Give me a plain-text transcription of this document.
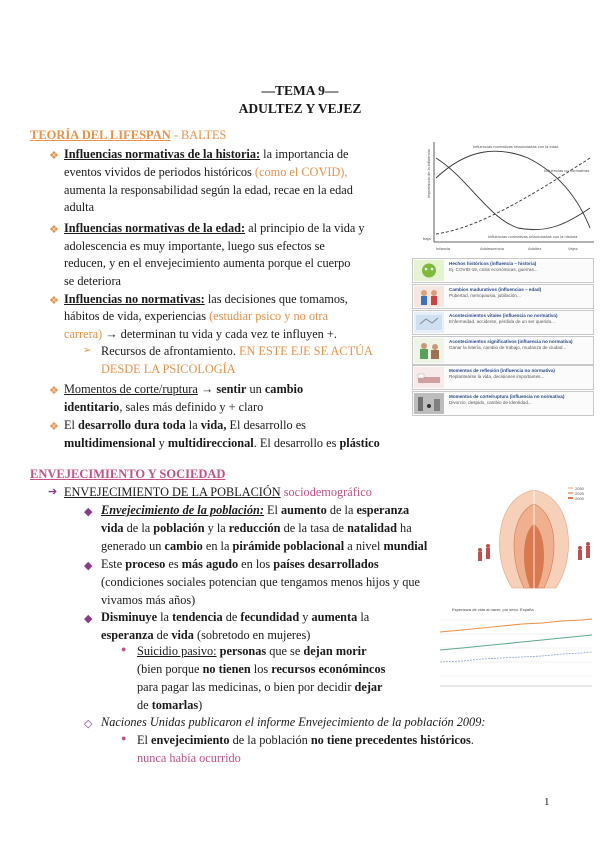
—TEMA 9—
ADULTEZ Y VEJEZ
TEORÍA DEL LIFESPAN - BALTES
❖ Influencias normativas de la historia: la importancia de
eventos vividos de periodos históricos (como el COVID),
aumenta la responsabilidad según la edad, recae en la edad
adulta
❖ Influencias normativas de la edad: al principio de la vida y
adolescencia es muy importante, luego sus efectos se
reducen, y en el envejecimiento aumenta porque el cuerpo
se deteriora
❖ Influencias no normativas: las decisiones que tomamos,
hábitos de vida, experiencias (estudiar psico y no otra
carrera) → determinan tu vida y cada vez te influyen +.
➢ Recursos de afrontamiento. EN ESTE EJE SE ACTÚA
DESDE LA PSICOLOGÍA
❖ Momentos de corte/ruptura → sentir un cambio
identitario, sales más definido y + claro
❖ El desarrollo dura toda la vida, El desarrollo es
multidimensional y multidireccional. El desarrollo es plástico
Importancia de la influencia
baja
Influencias normativas relacionadas con la edad
Influencias no normativas
Influencias normativas relacionadas con la historia
Infancia	Adolescencia	Adultez	Vejez
Hechos históricos (influencia – historia)
Ej. COVID-19, crisis económicas, guerras...
Cambios madurativos (influencias – edad)
Pubertad, menopausia, jubilación...
Acontecimientos vitales (influencia no normativa)
Enfermedad, accidente, pérdida de un ser querido...
Acontecimientos significativos (influencia no normativa)
Ganar la lotería, cambio de trabajo, mudanza de ciudad...
Momentos de reflexión (influencia no normativa)
Replantearse la vida, decisiones importantes...
Momentos de corte/ruptura (influencia no normativa)
Divorcio, despido, cambio de identidad...
ENVEJECIMIENTO Y SOCIEDAD
➔ ENVEJECIMIENTO DE LA POBLACIÓN sociodemográfico
◆ Envejecimiento de la población: El aumento de la esperanza
vida de la población y la reducción de la tasa de natalidad ha
generado un cambio en la pirámide poblacional a nivel mundial
◆ Este proceso es más agudo en los países desarrollados
(condiciones sociales potencian que tengamos menos hijos y que
vivamos más años)
◆ Disminuye la tendencia de fecundidad y aumenta la
esperanza de vida (sobretodo en mujeres)
● Suicidio pasivo: personas que se dejan morir
(bien porque no tienen los recursos económincos
para pagar las medicinas, o bien por decidir dejar
de tomarlas)
◇ Naciones Unidas publicaron el informe Envejecimiento de la población 2009:
● El envejecimiento de la población no tiene precedentes históricos.
nunca había ocurrido
2050
2025
2000
Esperanza de vida al nacer, por sexo. España
1
